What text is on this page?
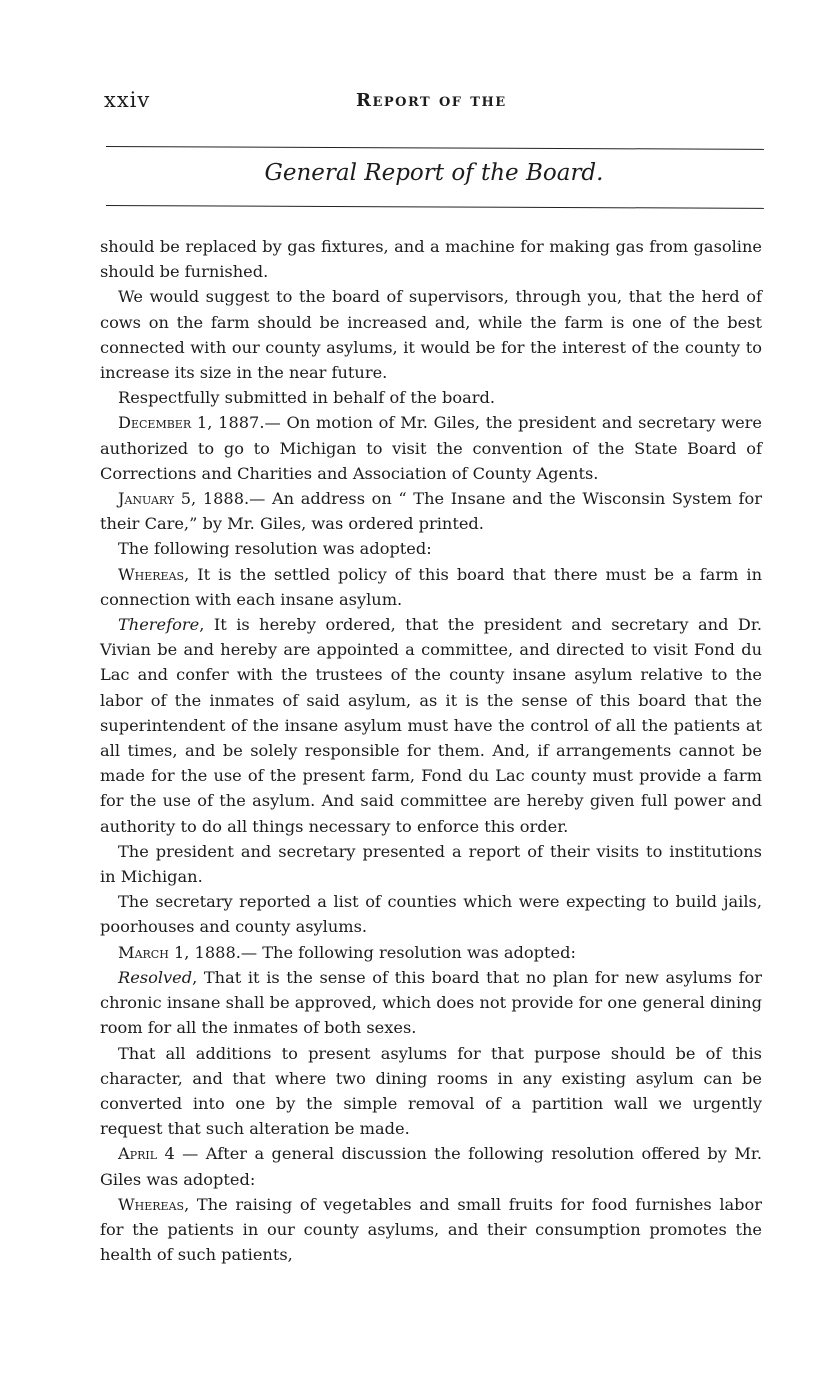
xxiv	Report of the
General Report of the Board.

should be replaced by gas fixtures, and a machine for making gas from gasoline should be furnished.

We would suggest to the board of supervisors, through you, that the herd of cows on the farm should be increased and, while the farm is one of the best connected with our county asylums, it would be for the interest of the county to increase its size in the near future.

Respectfully submitted in behalf of the board.

December 1, 1887.— On motion of Mr. Giles, the president and secretary were authorized to go to Michigan to visit the convention of the State Board of Corrections and Charities and Association of County Agents.

January 5, 1888.— An address on “ The Insane and the Wisconsin System for their Care,” by Mr. Giles, was ordered printed.

The following resolution was adopted:

Whereas, It is the settled policy of this board that there must be a farm in connection with each insane asylum.

Therefore, It is hereby ordered, that the president and secretary and Dr. Vivian be and hereby are appointed a committee, and directed to visit Fond du Lac and confer with the trustees of the county insane asylum relative to the labor of the inmates of said asylum, as it is the sense of this board that the superintendent of the insane asylum must have the control of all the patients at all times, and be solely responsible for them. And, if arrangements cannot be made for the use of the present farm, Fond du Lac county must provide a farm for the use of the asylum. And said committee are hereby given full power and authority to do all things necessary to enforce this order.

The president and secretary presented a report of their visits to institutions in Michigan.

The secretary reported a list of counties which were expecting to build jails, poorhouses and county asylums.

March 1, 1888.— The following resolution was adopted:

Resolved, That it is the sense of this board that no plan for new asylums for chronic insane shall be approved, which does not provide for one general dining room for all the inmates of both sexes.

That all additions to present asylums for that purpose should be of this character, and that where two dining rooms in any existing asylum can be converted into one by the simple removal of a partition wall we urgently request that such alteration be made.

April 4 — After a general discussion the following resolution offered by Mr. Giles was adopted:

Whereas, The raising of vegetables and small fruits for food furnishes labor for the patients in our county asylums, and their consumption promotes the health of such patients,
